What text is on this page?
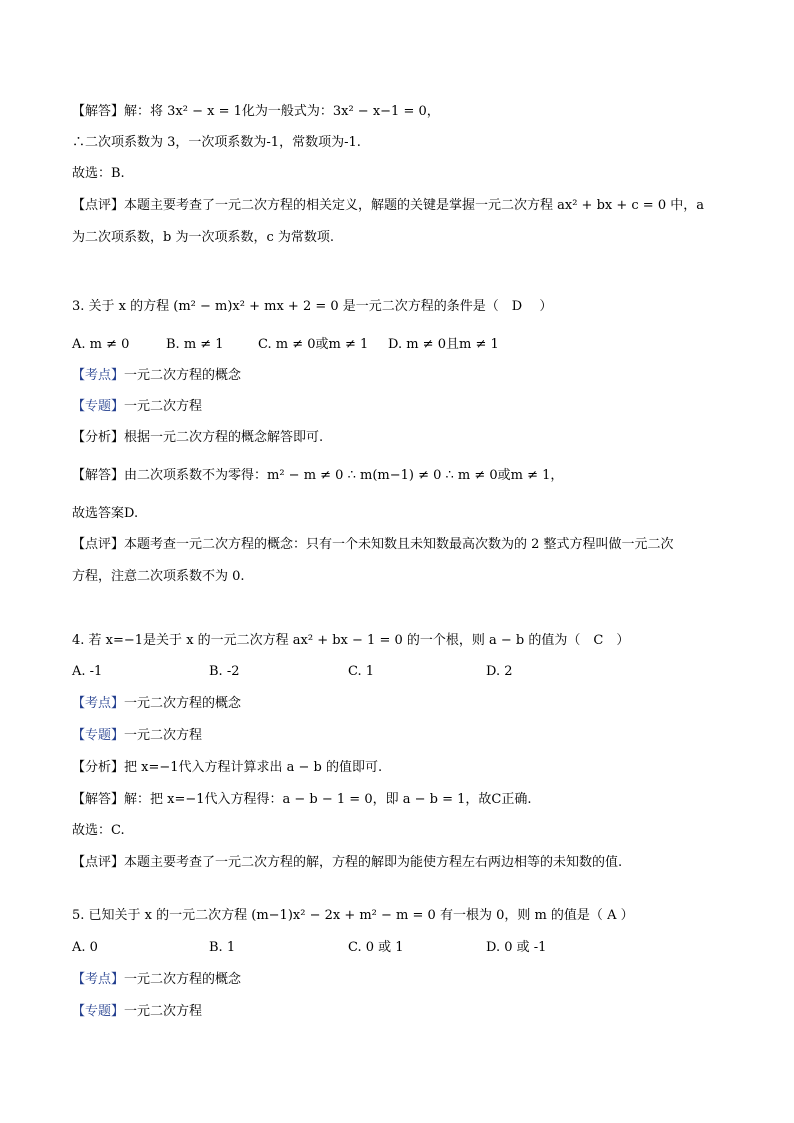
【解答】解：将 3x² − x = 1化为一般式为：3x² − x−1 = 0，
∴二次项系数为 3，一次项系数为-1，常数项为-1.
故选：B.
【点评】本题主要考查了一元二次方程的相关定义，解题的关键是掌握一元二次方程 ax² + bx + c = 0 中，a
为二次项系数，b 为一次项系数，c 为常数项.
3. 关于 x 的方程 (m² − m)x² + mx + 2 = 0 是一元二次方程的条件是（　D　 ）
A. m ≠ 0	B. m ≠ 1	C. m ≠ 0或m ≠ 1 D. m ≠ 0且m ≠ 1
【考点】一元二次方程的概念
【专题】一元二次方程
【分析】根据一元二次方程的概念解答即可.
【解答】由二次项系数不为零得：m² − m ≠ 0 ∴ m(m−1) ≠ 0 ∴ m ≠ 0或m ≠ 1，
故选答案D.
【点评】本题考查一元二次方程的概念：只有一个未知数且未知数最高次数为的 2 整式方程叫做一元二次
方程，注意二次项系数不为 0.
4. 若 x=−1是关于 x 的一元二次方程 ax² + bx − 1 = 0 的一个根，则 a − b 的值为（　C　）
A. -1	B. -2	C. 1	D. 2
【考点】一元二次方程的概念
【专题】一元二次方程
【分析】把 x=−1代入方程计算求出 a − b 的值即可.
【解答】解：把 x=−1代入方程得：a − b − 1 = 0，即 a − b = 1，故C正确.
故选：C.
【点评】本题主要考查了一元二次方程的解，方程的解即为能使方程左右两边相等的未知数的值.
5. 已知关于 x 的一元二次方程 (m−1)x² − 2x + m² − m = 0 有一根为 0，则 m 的值是（ A ）
A. 0	B. 1	C. 0 或 1	D. 0 或 -1
【考点】一元二次方程的概念
【专题】一元二次方程
